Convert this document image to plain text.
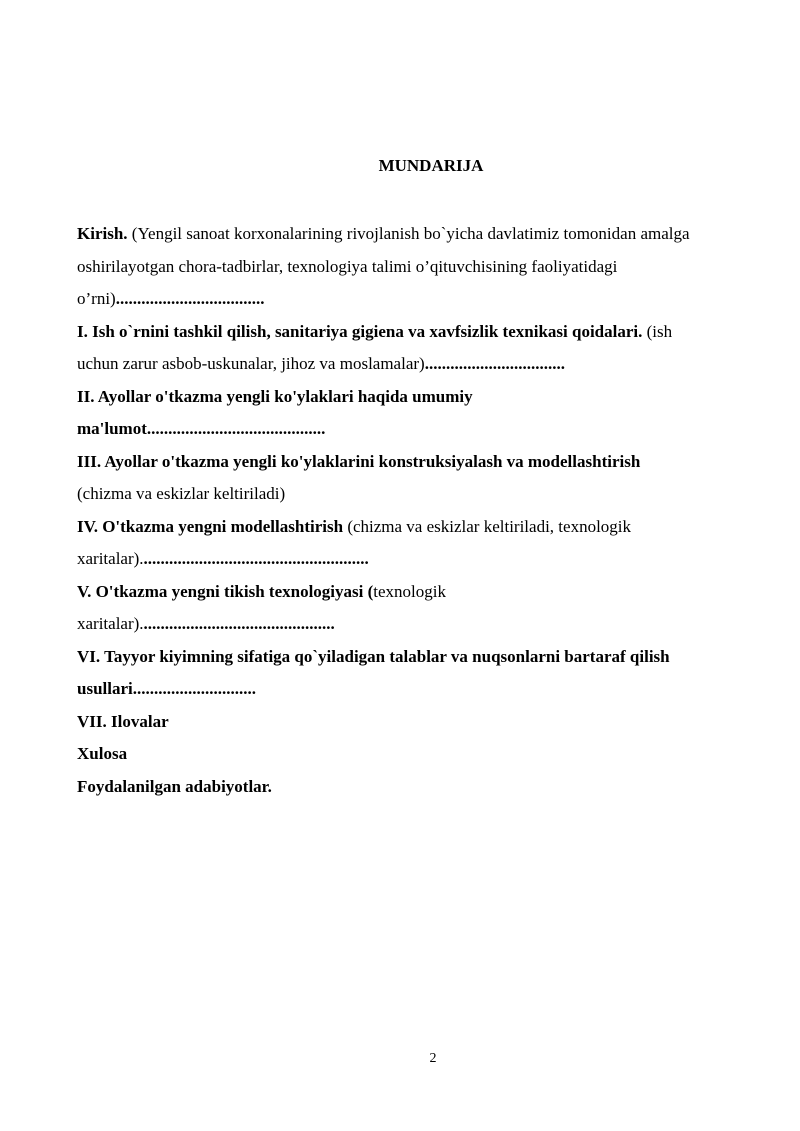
MUNDARIJA
Kirish. (Yengil sanoat korxonalarining rivojlanish bo`yicha davlatimiz tomonidan amalga
oshirilayotgan chora-tadbirlar, texnologiya talimi o’qituvchisining faoliyatidagi
o’rni)...................................
I. Ish o`rnini tashkil qilish, sanitariya gigiena va xavfsizlik texnikasi qoidalari. (ish
uchun zarur asbob-uskunalar, jihoz va moslamalar).................................
II. Ayollar o'tkazma yengli ko'ylaklari haqida umumiy
ma'lumot..........................................
III. Ayollar o'tkazma yengli ko'ylaklarini konstruksiyalash va modellashtirish
(chizma va eskizlar keltiriladi)
IV. O'tkazma yengni modellashtirish (chizma va eskizlar keltiriladi, texnologik
xaritalar)......................................................
V. O'tkazma yengni tikish texnologiyasi (texnologik
xaritalar)..............................................
VI. Tayyor kiyimning sifatiga qo`yiladigan talablar va nuqsonlarni bartaraf qilish
usullari.............................
VII. Ilovalar
Xulosa
Foydalanilgan adabiyotlar.
2
